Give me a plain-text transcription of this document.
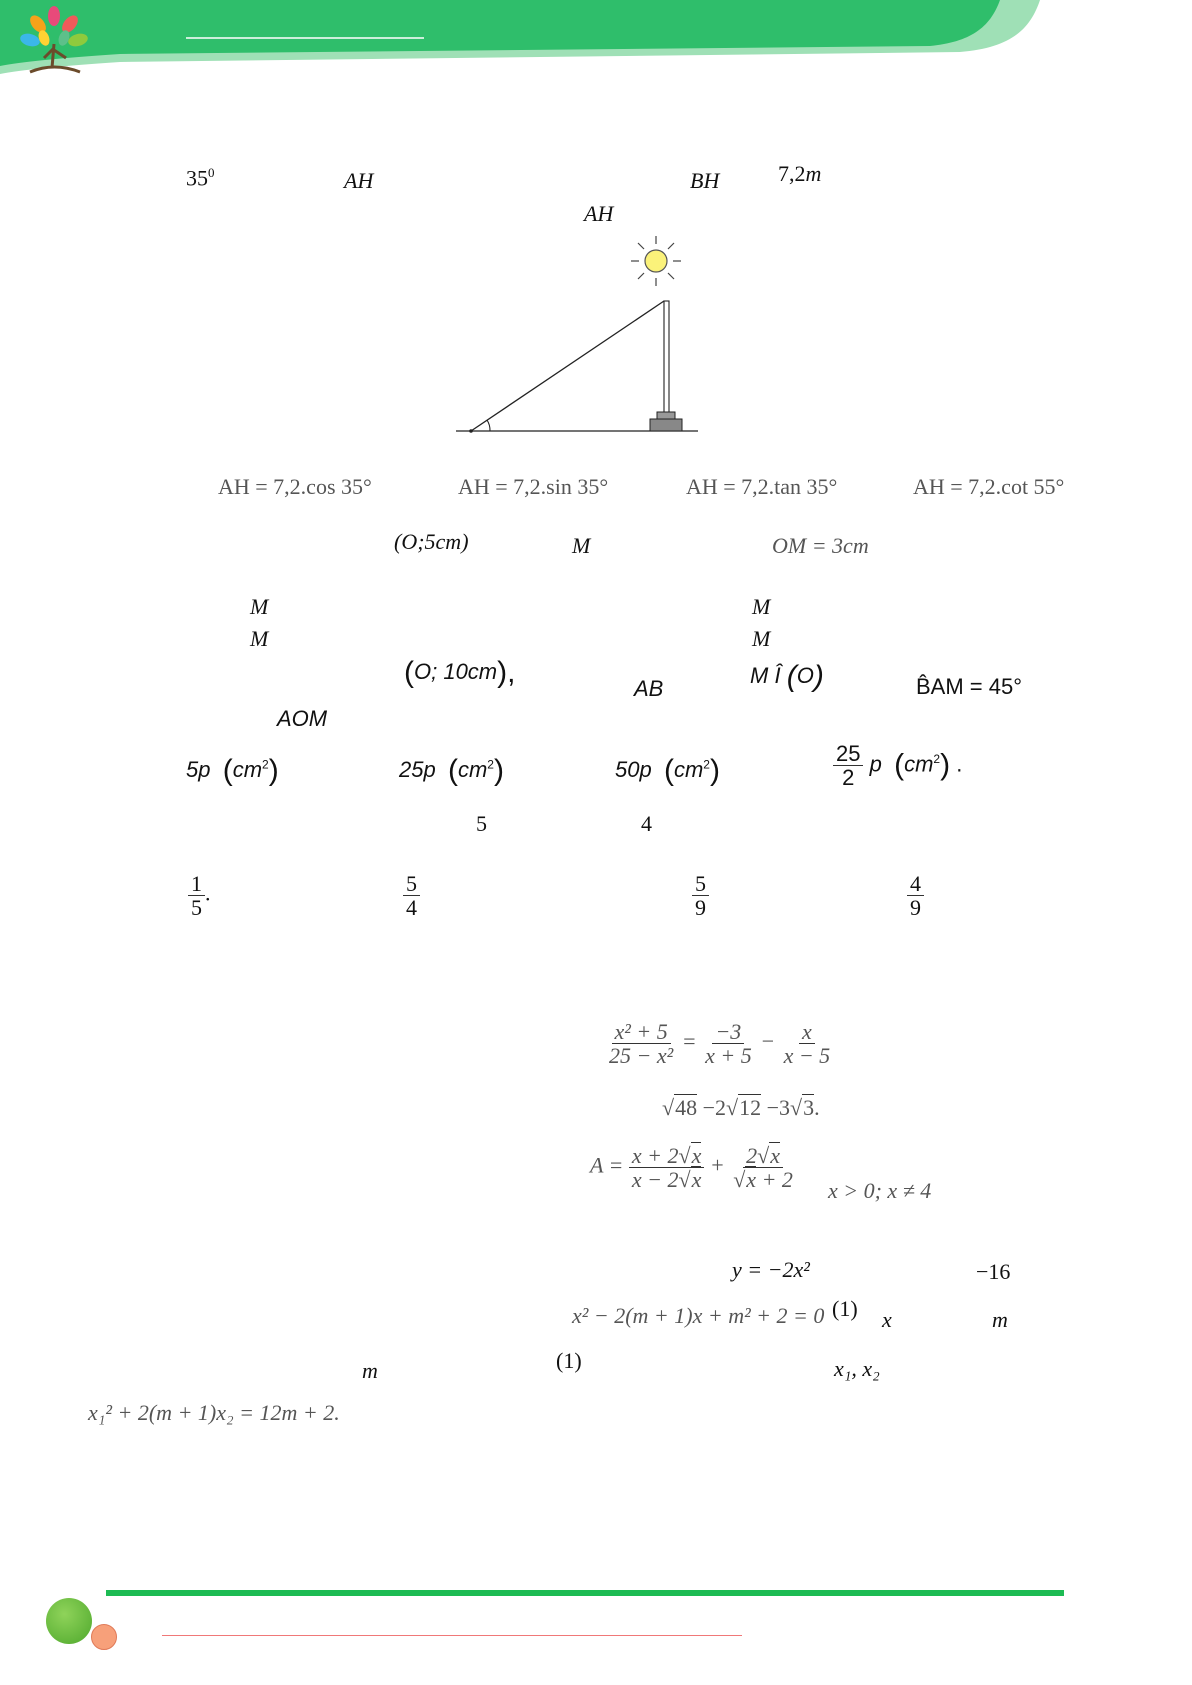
$35^0$	AH	BH	7,2m
AH
AH = 7,2.cos 35°	AH = 7,2.sin 35°	AH = 7,2.tan 35°	AH = 7,2.cot 55°
(O;5cm)	M	OM = 3cm
M	M
M	M
(O; 10cm),	AB
M Î (O)	B̂AM = 45°
AOM
5p $(cm^2)$	25p $(cm^2)$	50p $(cm^2)$	$\frac{25}{2}$ p $(cm^2)$ .
5	4
$\frac{1}{5}$ .	$\frac{5}{4}$	$\frac{5}{9}$	$\frac{4}{9}$
$\frac{\text{x² + 5}}{\text{25 − x²}} = \frac{-3}{x + 5} - \frac{x}{x - 5}$
√48 −2√12 −3√3.
$A = \frac{x + 2√x}{x - 2√x} + \frac{2√x}{√x + 2}$ x > 0; x ≠ 4
y = −2x²	−16
x² − 2(m + 1)x + m² + 2 = 0 (1) x	m
m	(1)	x₁, x₂
x₁² + 2(m + 1)x₂ = 12m + 2.
